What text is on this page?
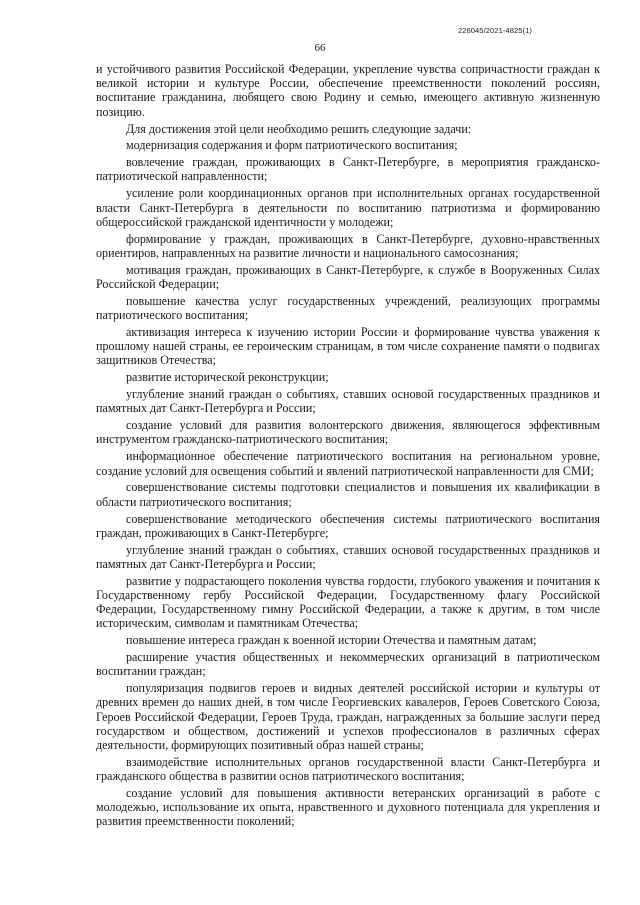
226045/2021-4825(1)
66

и устойчивого развития Российской Федерации, укрепление чувства сопричастности граждан к великой истории и культуре России, обеспечение преемственности поколений россиян, воспитание гражданина, любящего свою Родину и семью, имеющего активную жизненную позицию.

Для достижения этой цели необходимо решить следующие задачи:

модернизация содержания и форм патриотического воспитания;

вовлечение граждан, проживающих в Санкт-Петербурге, в мероприятия гражданско-патриотической направленности;

усиление роли координационных органов при исполнительных органах государственной власти Санкт-Петербурга в деятельности по воспитанию патриотизма и формированию общероссийской гражданской идентичности у молодежи;

формирование у граждан, проживающих в Санкт-Петербурге, духовно-нравственных ориентиров, направленных на развитие личности и национального самосознания;

мотивация граждан, проживающих в Санкт-Петербурге, к службе в Вооруженных Силах Российской Федерации;

повышение качества услуг государственных учреждений, реализующих программы патриотического воспитания;

активизация интереса к изучению истории России и формирование чувства уважения к прошлому нашей страны, ее героическим страницам, в том числе сохранение памяти о подвигах защитников Отечества;

развитие исторической реконструкции;

углубление знаний граждан о событиях, ставших основой государственных праздников и памятных дат Санкт-Петербурга и России;

создание условий для развития волонтерского движения, являющегося эффективным инструментом гражданско-патриотического воспитания;

информационное обеспечение патриотического воспитания на региональном уровне, создание условий для освещения событий и явлений патриотической направленности для СМИ;

совершенствование системы подготовки специалистов и повышения их квалификации в области патриотического воспитания;

совершенствование методического обеспечения системы патриотического воспитания граждан, проживающих в Санкт-Петербурге;

углубление знаний граждан о событиях, ставших основой государственных праздников и памятных дат Санкт-Петербурга и России;

развитие у подрастающего поколения чувства гордости, глубокого уважения и почитания к Государственному гербу Российской Федерации, Государственному флагу Российской Федерации, Государственному гимну Российской Федерации, а также к другим, в том числе историческим, символам и памятникам Отечества;

повышение интереса граждан к военной истории Отечества и памятным датам;

расширение участия общественных и некоммерческих организаций в патриотическом воспитании граждан;

популяризация подвигов героев и видных деятелей российской истории и культуры от древних времен до наших дней, в том числе Георгиевских кавалеров, Героев Советского Союза, Героев Российской Федерации, Героев Труда, граждан, награжденных за большие заслуги перед государством и обществом, достижений и успехов профессионалов в различных сферах деятельности, формирующих позитивный образ нашей страны;

взаимодействие исполнительных органов государственной власти Санкт-Петербурга и гражданского общества в развитии основ патриотического воспитания;

создание условий для повышения активности ветеранских организаций в работе с молодежью, использование их опыта, нравственного и духовного потенциала для укрепления и развития преемственности поколений;
